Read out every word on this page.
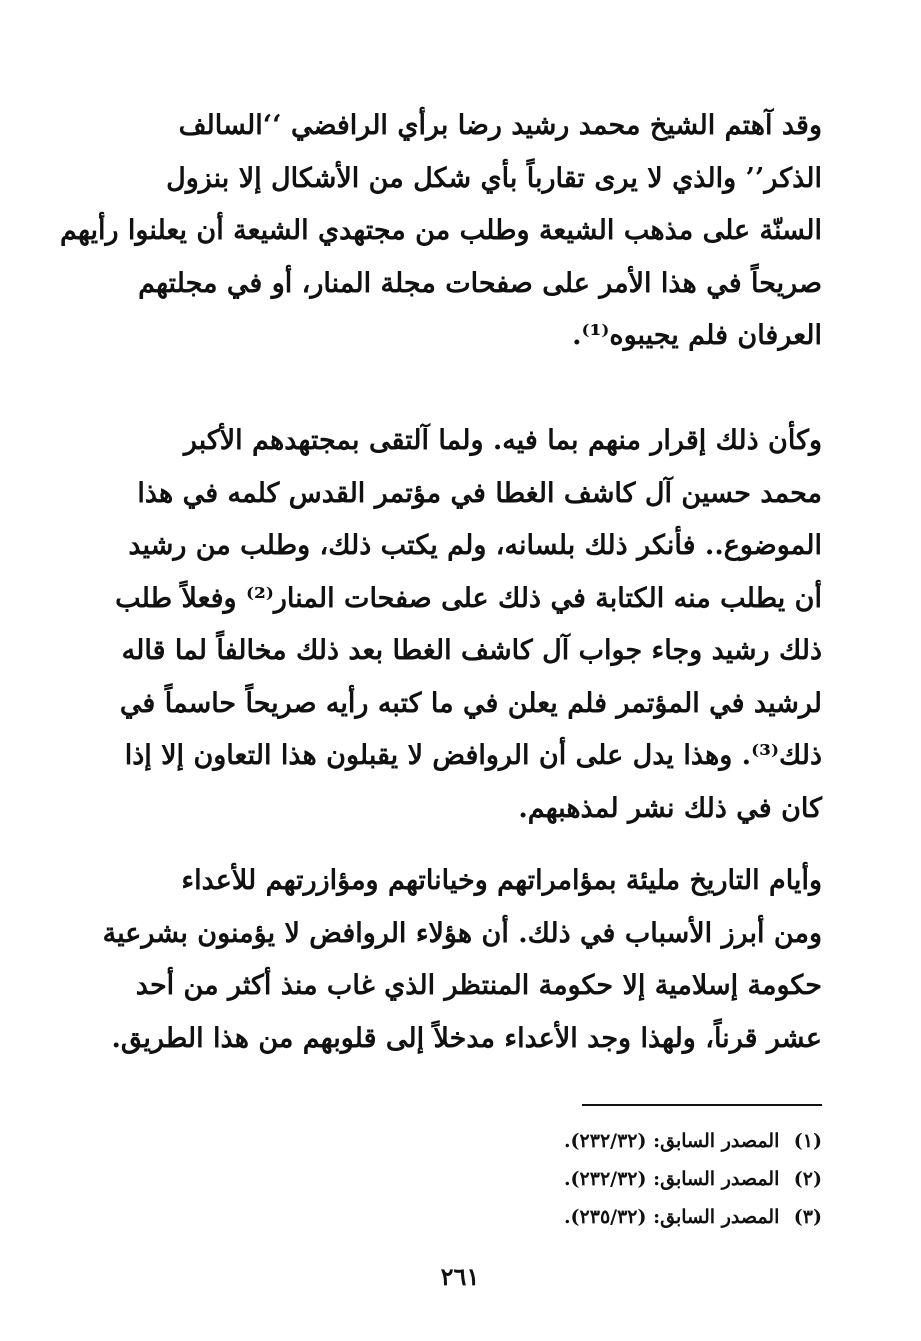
وقد آهتم الشيخ محمد رشيد رضا برأي الرافضي ‘‘السالف
الذكر’’ والذي لا يرى تقارباً بأي شكل من الأشكال إلا بنزول
السنّة على مذهب الشيعة وطلب من مجتهدي الشيعة أن يعلنوا رأيهم
صريحاً في هذا الأمر على صفحات مجلة المنار، أو في مجلتهم
العرفان فلم يجيبوه⁽¹⁾.
وكأن ذلك إقرار منهم بما فيه. ولما آلتقى بمجتهدهم الأكبر
محمد حسين آل كاشف الغطا في مؤتمر القدس كلمه في هذا
الموضوع.. فأنكر ذلك بلسانه، ولم يكتب ذلك، وطلب من رشيد
أن يطلب منه الكتابة في ذلك على صفحات المنار⁽²⁾ وفعلاً طلب
ذلك رشيد وجاء جواب آل كاشف الغطا بعد ذلك مخالفاً لما قاله
لرشيد في المؤتمر فلم يعلن في ما كتبه رأيه صريحاً حاسماً في
ذلك⁽³⁾. وهذا يدل على أن الروافض لا يقبلون هذا التعاون إلا إذا
كان في ذلك نشر لمذهبهم.
وأيام التاريخ مليئة بمؤامراتهم وخياناتهم ومؤازرتهم للأعداء
ومن أبرز الأسباب في ذلك. أن هؤلاء الروافض لا يؤمنون بشرعية
حكومة إسلامية إلا حكومة المنتظر الذي غاب منذ أكثر من أحد
عشر قرناً، ولهذا وجد الأعداء مدخلاً إلى قلوبهم من هذا الطريق.
(١) المصدر السابق: (٢٣٢/٣٢).
(٢) المصدر السابق: (٢٣٢/٣٢).
(٣) المصدر السابق: (٢٣٥/٣٢).
٢٦١
